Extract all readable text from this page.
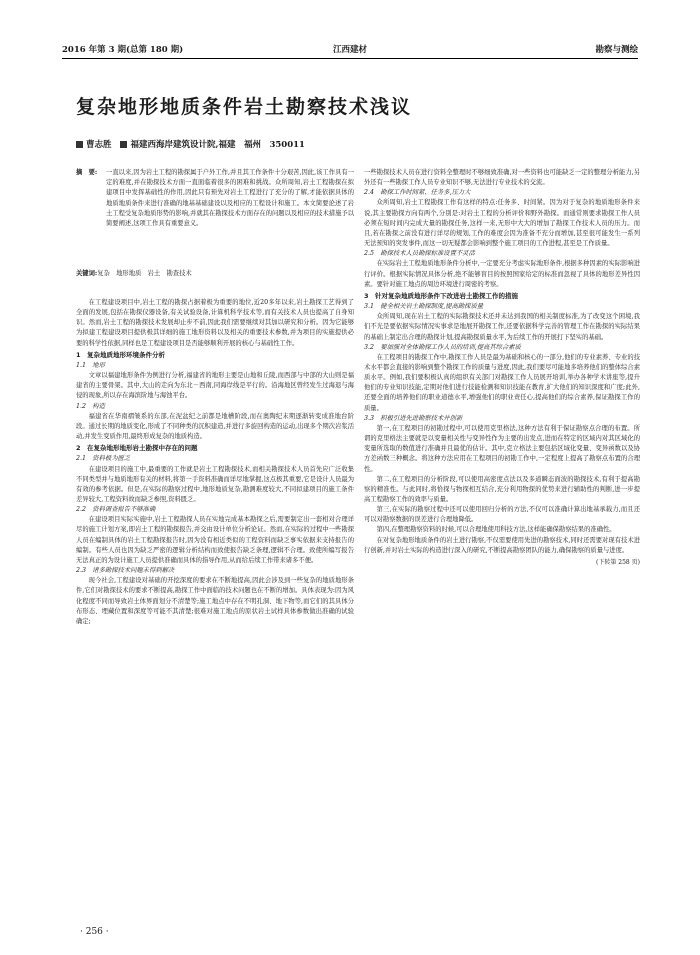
2016 年第 3 期(总第 180 期)	江西建材	勘察与测绘
复杂地形地质条件岩土勘察技术浅议
曹志胜 福建西海岸建筑设计院,福建　福州　350011
摘　要:	一直以来,因为岩土工程的勘探属于户外工作,并且其工作条件十分艰苦,因此,该工作具有一定的难度,并在勘探技术方面一直面临着很多的困难和挑战。众所周知,岩土工程勘探在拟建项目中发挥基础性的作用,因此只有预先对岩土工程进行了充分的了解,才能依据具体的地质地质条件来进行准确的地基基础建设以及相应的工程设计和施工。本文简要论述了岩土工程受复杂地质形势的影响,并就其在勘探技术方面存在的问题以及相应的技术措施予以简要阐述,这项工作具有重要意义。
关键词:复杂　地形地质　岩土　勘查技术

在工程建设项目中,岩土工程的勘探占据着极为重要的地位,近20多年以来,岩土勘探工艺得到了全面的发展,包括在勘探仪器设备,有关试验设备,计算机科学技术等,而有关技术人员也提高了自身知识。然而,岩土工程的勘探技术发展却止步不前,因此我们需要继续对其加以研究和分析。因为它能够为拟建工程建设项目提供极其详细的施工地形资料以及相关的重要技术参数,并为项目的实施提供必要的科学性依据,同样也是工程建设项目是否能够顺利开展的核心与基础性工作。

1　复杂地质地形环境条件分析
1.1　地形

文章以福建地形条件为例进行分析,福建省的地形主要是山地和丘陵,而西部与中部的大山则是福建省的主要骨架。其中,大山的走向为东北－西南,同海岸线是平行的。沿海地区曾经发生过海退与海侵的现象,所以存在海滨阶地与海蚀平台。

1.2　构造

福建省在华南褶皱系的东部,在泥盆纪之前都是地槽阶段,而在奥陶纪末期逐渐转变成准地台阶段。通过长期的地质变化,形成了不同种类的沉积建造,并进行多旋回构造的运动,出现多个期次岩浆活动,并发生变质作用,最终形成复杂的地质构造。

2　在复杂地形地形岩土勘探中存在的问题
2.1　资料极为匮乏

在建设项目的施工中,最重要的工作就是岩土工程勘探技术,而相关勘探技术人员首先应广泛收集不同类型并与地质地形有关的材料,将第一手资料准确而详尽地掌握,这点极其重要,它是设计人员最为有效的参考依据。但是,在实际的勘察过程中,地形地质复杂,勘测难度较大,不同拟建项目的施工条件差异较大,工程资料故而缺乏参照,资料匮乏。

2.2　资料调查报告不够准确

在建设项目实际实施中,岩土工程勘探人员在实地完成基本勘探之后,需要制定出一套相对合理详尽的施工计划方案,即岩土工程的勘探报告,并交由设计单位分析论证。然而,在实际的过程中一些勘探人员在编制具体的岩土工程勘探报告时,因为没有相近类似的工程资料而缺乏事实依据来支持报告的编制。有些人员也因为缺乏严密的逻辑分析结构而致使报告缺乏条理,逻辑不合理。致使所编写报告无法真正的为设计施工人员提供准确而具体的指导作用,从而给后续工作带来诸多不便。

2.3　诸多勘探技术问题未得到解决

现今社会,工程建设对基础的开挖深度的要求在不断地提高,因此会涉及到一些复杂的地质地形条件,它们对勘探技术的要求不断提高,勘探工作中面临的技术问题也在不断的增加。具体表现为:因为风化程度不同而导致岩土体界面划分不清楚等;施工地点中存在不明孔洞、地下物等,而它们的其具体分布形态、埋藏位置和深度等可能不其清楚;很难对施工地点的原状岩土试样具体参数做出准确的试验确定;

一些勘探技术人员在进行资料全整理时不够细致准确,对一些资料也可能缺乏一定的整理分析能力,另外还有一些勘探工作人员专业知识不够,无法进行专业技术的交流。

2.4　勘探工作时间紧、任务多,压力大

众所周知,岩土工程勘探工作有这样的特点:任务多、时间紧。因为对于复杂的地质地形条件来说,其主要勘探方向有两个,分别是:对岩土工程的分析评价和野外勘探。而通常则要求勘探工作人员必须在短时间内完成大量的勘探任务,这样一来,无形中大大的增加了勘探工作技术人员的压力。而且,若在勘探之前没有进行详尽的规划,工作的难度会因为准备不充分而增加,甚至很可能发生一系列无法预知的突发事件,而这一切无疑都会影响到整个施工项目的工作进程,甚至是工作质量。

2.5　勘探技术人员勘探标准设置不灵活

在实际岩土工程地质地形条件分析中,一定要充分考虑实际地形条件,根据多种因素的实际影响进行评价。根据实际情况具体分析,绝不能够盲目的按照国家给定的标准而忽视了具体的地形差异性因素。要针对施工地点的周边环境进行周密的考察。

3　针对复杂地质地形条件下改进岩土勘探工作的措施
3.1　健全相关岩土勘探制度,提高勘探质量

众所周知,现在岩土工程的实际勘探技术还并未达到我国的相关制度标准,为了改变这个困境,我们不光是要依据实际情况实事求是地展开勘探工作,还要依据科学完善的管理工作在勘探的实际结果的基础上制定出合理的勘探计划,提高勘探质量水平,为后续工作的开展打下坚实的基础。

3.2　要加强对全体勘探工作人员的培训,提高其综合素质

在工程项目的勘探工作中,勘探工作人员是最为基础和核心的一部分,他们的专业素养、专业的技术水平都会直接的影响到整个勘探工作的质量与进度,因此,我们要尽可能地多培养他们的整体综合素质水平。例如,我们要积极认真的组织有关部门对勘探工作人员展开培训,举办各种学术讲座等,提升他们的专业知识技能,定期对他们进行技能检测和知识技能在教育,扩大他们的知识深度和广度;此外,还要全面的培养他们的职业道德水平,增强他们的职业责任心,提高他们的综合素养,保证勘探工作的质量。

3.3　积极引进先进勘察技术并创新

第一,在工程项目的初勘过程中,可以使用克里格法,这种方法有利于保证勘察点合理的布置。所谓的克里格法主要就是以变量相关性与变异性作为主要的出发点,进而在特定的区域内对其区域化的变量所选取的数值进行准确并且最优的估计。其中,克立格法主要包括区域化变量、变异函数以及协方差函数三种概念。将这种方法应用在工程项目的初勘工作中,一定程度上提高了勘察点布置的合理性。

第二,在工程项目的分析阶段,可以使用高密度点法以及多道瞬态面波的勘探技术,有利于提高勘察的精准性。与此同时,将恰探与物探相互结合,充分利用物探的优势来进行辅助性的判断,进一步提高工程勘察工作的效率与质量。

第三,在实际的勘察过程中还可以使用回归分析的方法,不仅可以准确计算出地基承载力,而且还可以对勘察数据的误差进行合理地降低。

第四,在整理勘察资料的时候,可以合理地使用科技方法,这样能确保勘察结果的准确性。

在对复杂地形地质条件的岩土进行勘察,不仅需要使用先进的勘察技术,同时还需要对现有技术进行创新,并对岩土实际的构造进行深入的研究,不断提高勘察团队的能力,确保勘察的质量与进度。

(下转第 258 页)
· 256 ·
